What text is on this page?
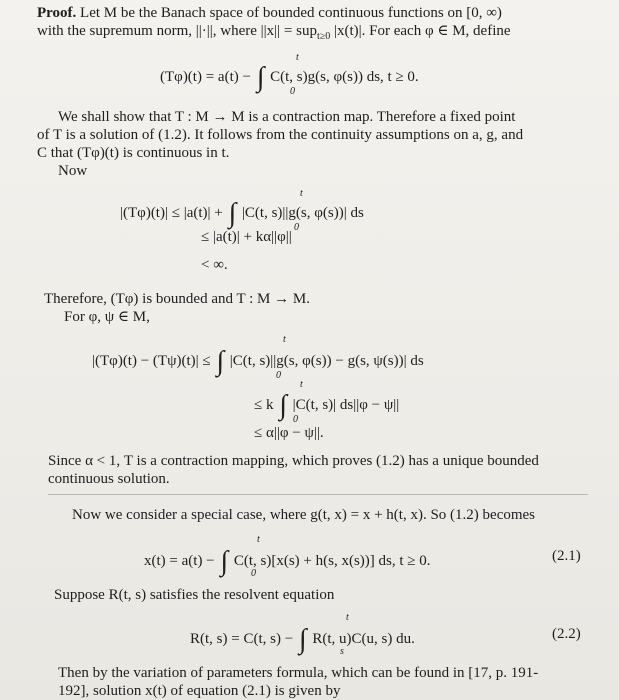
Proof. Let M be the Banach space of bounded continuous functions on [0, ∞)
with the supremum norm, ||·||, where ||x|| = sup$_{t\ge 0}$ |x(t)|. For each φ ∈ M, define
(Tφ)(t) = a(t) − ∫ C(t, s)g(s, φ(s)) ds, t ≥ 0.
t
0
We shall show that T : M → M is a contraction map. Therefore a fixed point
of T is a solution of (1.2). It follows from the continuity assumptions on a, g, and
C that (Tφ)(t) is continuous in t.
Now
|(Tφ)(t)| ≤ |a(t)| + ∫ |C(t, s)||g(s, φ(s))| ds
t
0
≤ |a(t)| + kα||φ||
< ∞.
Therefore, (Tφ) is bounded and T : M → M.
For φ, ψ ∈ M,
|(Tφ)(t) − (Tψ)(t)| ≤ ∫ |C(t, s)||g(s, φ(s)) − g(s, ψ(s))| ds
t
0
≤ k ∫ |C(t, s)| ds||φ − ψ||
t
0
≤ α||φ − ψ||.
Since α < 1, T is a contraction mapping, which proves (1.2) has a unique bounded
continuous solution.
Now we consider a special case, where g(t, x) = x + h(t, x). So (1.2) becomes
x(t) = a(t) − ∫ C(t, s)[x(s) + h(s, x(s))] ds, t ≥ 0.
t
0
(2.1)
Suppose R(t, s) satisfies the resolvent equation
R(t, s) = C(t, s) − ∫ R(t, u)C(u, s) du.
t
s
(2.2)
Then by the variation of parameters formula, which can be found in [17, p. 191-
192], solution x(t) of equation (2.1) is given by
